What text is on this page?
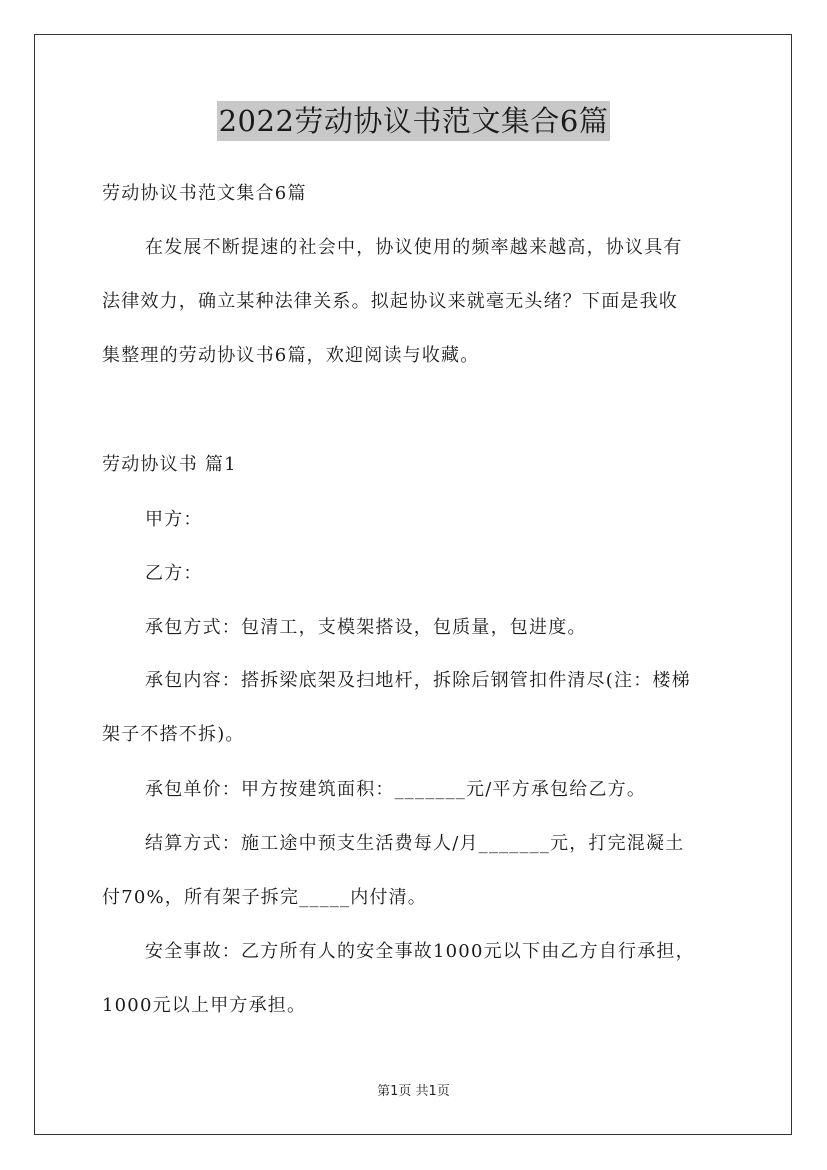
2022劳动协议书范文集合6篇
劳动协议书范文集合6篇
在发展不断提速的社会中，协议使用的频率越来越高，协议具有
法律效力，确立某种法律关系。拟起协议来就毫无头绪？下面是我收
集整理的劳动协议书6篇，欢迎阅读与收藏。
劳动协议书 篇1
甲方：
乙方：
承包方式：包清工，支模架搭设，包质量，包进度。
承包内容：搭拆梁底架及扫地杆，拆除后钢管扣件清尽(注：楼梯
架子不搭不拆)。
承包单价：甲方按建筑面积：_______元/平方承包给乙方。
结算方式：施工途中预支生活费每人/月_______元，打完混凝土
付70%，所有架子拆完_____内付清。
安全事故：乙方所有人的安全事故1000元以下由乙方自行承担，
1000元以上甲方承担。
第1页 共1页
